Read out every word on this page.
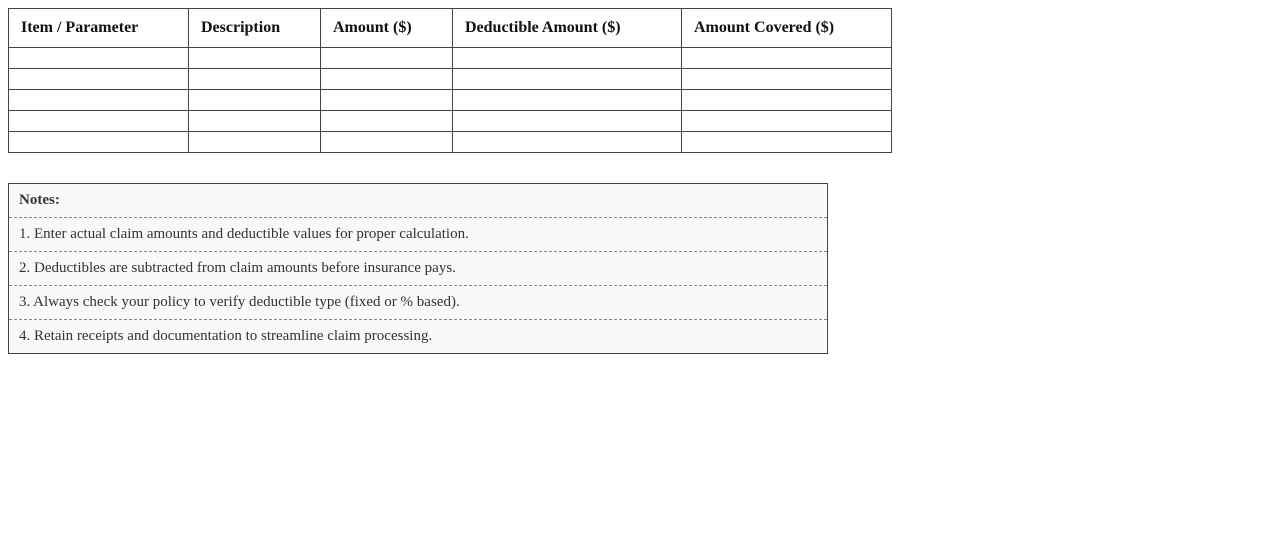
Item / Parameter	Description	Amount ($)	Deductible Amount ($)	Amount Covered ($)

Notes:
1. Enter actual claim amounts and deductible values for proper calculation.
2. Deductibles are subtracted from claim amounts before insurance pays.
3. Always check your policy to verify deductible type (fixed or % based).
4. Retain receipts and documentation to streamline claim processing.
